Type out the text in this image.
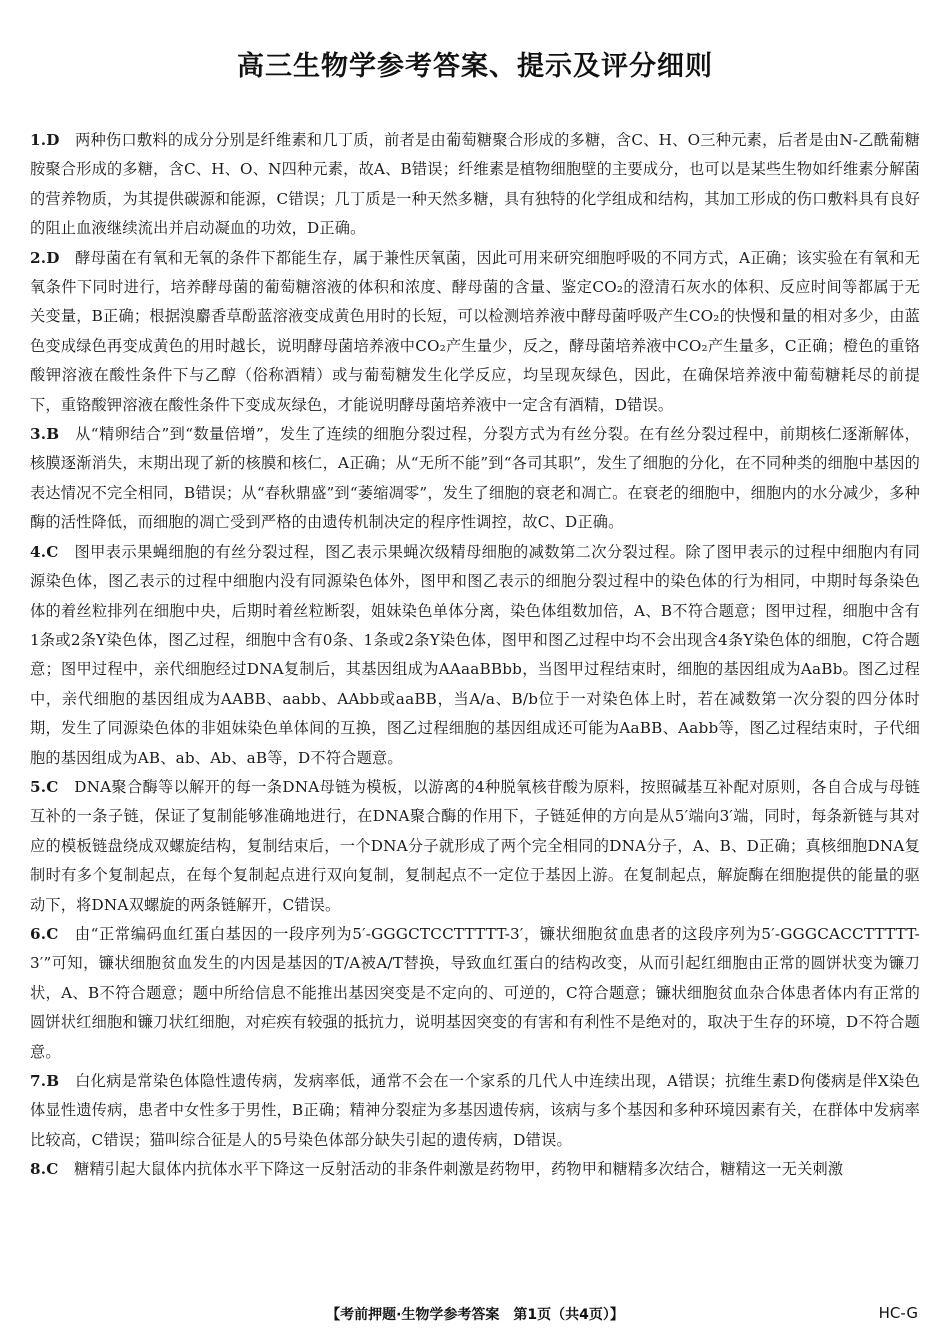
高三生物学参考答案、提示及评分细则

1.D　 两种伤口敷料的成分分别是纤维素和几丁质，前者是由葡萄糖聚合形成的多糖，含C、H、O三种元素，后者是由N-乙酰葡糖胺聚合形成的多糖，含C、H、O、N四种元素，故A、B错误；纤维素是植物细胞壁的主要成分，也可以是某些生物如纤维素分解菌的营养物质，为其提供碳源和能源，C错误；几丁质是一种天然多糖，具有独特的化学组成和结构，其加工形成的伤口敷料具有良好的阻止血液继续流出并启动凝血的功效，D正确。

2.D　 酵母菌在有氧和无氧的条件下都能生存，属于兼性厌氧菌，因此可用来研究细胞呼吸的不同方式，A正确；该实验在有氧和无氧条件下同时进行，培养酵母菌的葡萄糖溶液的体积和浓度、酵母菌的含量、鉴定CO₂的澄清石灰水的体积、反应时间等都属于无关变量，B正确；根据溴麝香草酚蓝溶液变成黄色用时的长短，可以检测培养液中酵母菌呼吸产生CO₂的快慢和量的相对多少，由蓝色变成绿色再变成黄色的用时越长，说明酵母菌培养液中CO₂产生量少，反之，酵母菌培养液中CO₂产生量多，C正确；橙色的重铬酸钾溶液在酸性条件下与乙醇（俗称酒精）或与葡萄糖发生化学反应，均呈现灰绿色，因此，在确保培养液中葡萄糖耗尽的前提下，重铬酸钾溶液在酸性条件下变成灰绿色，才能说明酵母菌培养液中一定含有酒精，D错误。

3.B　 从“精卵结合”到“数量倍增”，发生了连续的细胞分裂过程，分裂方式为有丝分裂。在有丝分裂过程中，前期核仁逐渐解体，核膜逐渐消失，末期出现了新的核膜和核仁，A正确；从“无所不能”到“各司其职”，发生了细胞的分化，在不同种类的细胞中基因的表达情况不完全相同，B错误；从“春秋鼎盛”到“萎缩凋零”，发生了细胞的衰老和凋亡。在衰老的细胞中，细胞内的水分减少，多种酶的活性降低，而细胞的凋亡受到严格的由遗传机制决定的程序性调控，故C、D正确。

4.C　 图甲表示果蝇细胞的有丝分裂过程，图乙表示果蝇次级精母细胞的减数第二次分裂过程。除了图甲表示的过程中细胞内有同源染色体，图乙表示的过程中细胞内没有同源染色体外，图甲和图乙表示的细胞分裂过程中的染色体的行为相同，中期时每条染色体的着丝粒排列在细胞中央，后期时着丝粒断裂，姐妹染色单体分离，染色体组数加倍，A、B不符合题意；图甲过程，细胞中含有1条或2条Y染色体，图乙过程，细胞中含有0条、1条或2条Y染色体，图甲和图乙过程中均不会出现含4条Y染色体的细胞，C符合题意；图甲过程中，亲代细胞经过DNA复制后，其基因组成为AAaaBBbb，当图甲过程结束时，细胞的基因组成为AaBb。图乙过程中，亲代细胞的基因组成为AABB、aabb、AAbb或aaBB，当A/a、B/b位于一对染色体上时，若在减数第一次分裂的四分体时期，发生了同源染色体的非姐妹染色单体间的互换，图乙过程细胞的基因组成还可能为AaBB、Aabb等，图乙过程结束时，子代细胞的基因组成为AB、ab、Ab、aB等，D不符合题意。

5.C　 DNA聚合酶等以解开的每一条DNA母链为模板，以游离的4种脱氧核苷酸为原料，按照碱基互补配对原则，各自合成与母链互补的一条子链，保证了复制能够准确地进行，在DNA聚合酶的作用下，子链延伸的方向是从5′端向3′端，同时，每条新链与其对应的模板链盘绕成双螺旋结构，复制结束后，一个DNA分子就形成了两个完全相同的DNA分子，A、B、D正确；真核细胞DNA复制时有多个复制起点，在每个复制起点进行双向复制，复制起点不一定位于基因上游。在复制起点，解旋酶在细胞提供的能量的驱动下，将DNA双螺旋的两条链解开，C错误。

6.C　 由“正常编码血红蛋白基因的一段序列为5′-GGGCTCCTTTTT-3′，镰状细胞贫血患者的这段序列为5′-GGGCACCTTTTT-3′”可知，镰状细胞贫血发生的内因是基因的T/A被A/T替换，导致血红蛋白的结构改变，从而引起红细胞由正常的圆饼状变为镰刀状，A、B不符合题意；题中所给信息不能推出基因突变是不定向的、可逆的，C符合题意；镰状细胞贫血杂合体患者体内有正常的圆饼状红细胞和镰刀状红细胞，对疟疾有较强的抵抗力，说明基因突变的有害和有利性不是绝对的，取决于生存的环境，D不符合题意。

7.B　 白化病是常染色体隐性遗传病，发病率低，通常不会在一个家系的几代人中连续出现，A错误；抗维生素D佝偻病是伴X染色体显性遗传病，患者中女性多于男性，B正确；精神分裂症为多基因遗传病，该病与多个基因和多种环境因素有关，在群体中发病率比较高，C错误；猫叫综合征是人的5号染色体部分缺失引起的遗传病，D错误。

8.C　 糖精引起大鼠体内抗体水平下降这一反射活动的非条件刺激是药物甲，药物甲和糖精多次结合，糖精这一无关刺激

【考前押题·生物学参考答案　第1页（共4页）】	HC-G
